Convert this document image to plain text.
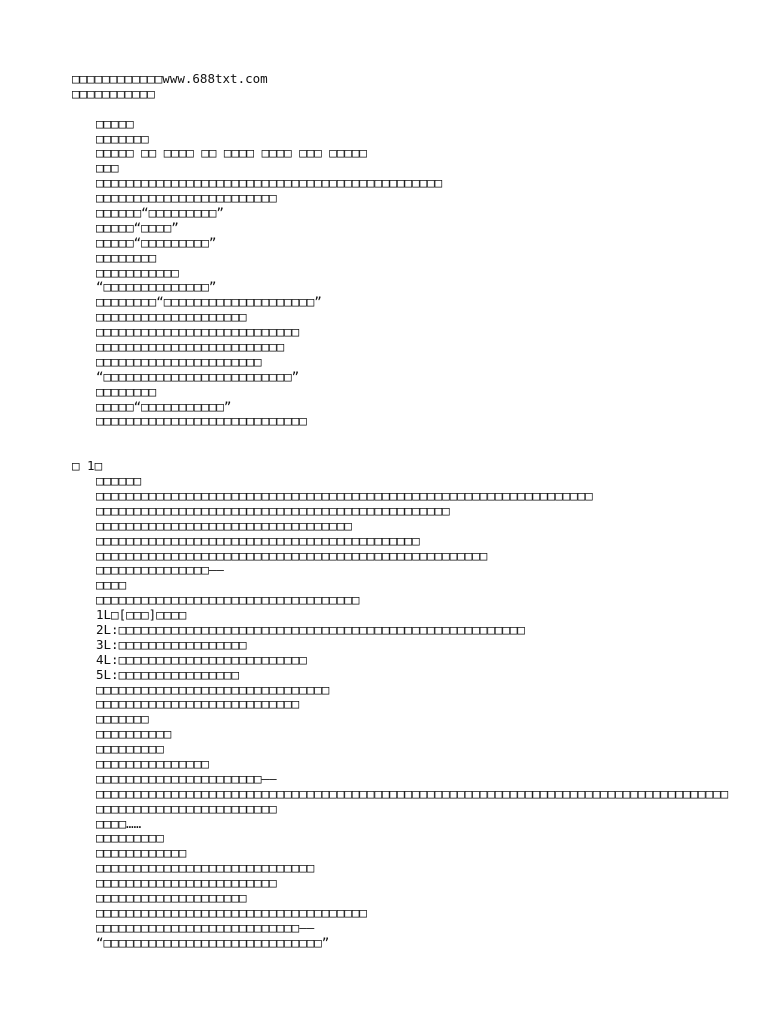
□□□□□□□□□□□□www.688txt.com
□□□□□□□□□□□
□□□□□
□□□□□□□
□□□□□ □□ □□□□ □□ □□□□ □□□□ □□□ □□□□□
□□□
□□□□□□□□□□□□□□□□□□□□□□□□□□□□□□□□□□□□□□□□□□□□□□
□□□□□□□□□□□□□□□□□□□□□□□□
□□□□□□“□□□□□□□□□”
□□□□□“□□□□”
□□□□□“□□□□□□□□□”
□□□□□□□□
□□□□□□□□□□□
“□□□□□□□□□□□□□□”
□□□□□□□□“□□□□□□□□□□□□□□□□□□□□”
□□□□□□□□□□□□□□□□□□□□
□□□□□□□□□□□□□□□□□□□□□□□□□□□
□□□□□□□□□□□□□□□□□□□□□□□□□
□□□□□□□□□□□□□□□□□□□□□□
“□□□□□□□□□□□□□□□□□□□□□□□□□”
□□□□□□□□
□□□□□“□□□□□□□□□□□”
□□□□□□□□□□□□□□□□□□□□□□□□□□□□
□ 1□
□□□□□□
□□□□□□□□□□□□□□□□□□□□□□□□□□□□□□□□□□□□□□□□□□□□□□□□□□□□□□□□□□□□□□□□□□
□□□□□□□□□□□□□□□□□□□□□□□□□□□□□□□□□□□□□□□□□□□□□□□
□□□□□□□□□□□□□□□□□□□□□□□□□□□□□□□□□□
□□□□□□□□□□□□□□□□□□□□□□□□□□□□□□□□□□□□□□□□□□□
□□□□□□□□□□□□□□□□□□□□□□□□□□□□□□□□□□□□□□□□□□□□□□□□□□□□
□□□□□□□□□□□□□□□——
□□□□
□□□□□□□□□□□□□□□□□□□□□□□□□□□□□□□□□□□
1L□[□□□]□□□□
2L:□□□□□□□□□□□□□□□□□□□□□□□□□□□□□□□□□□□□□□□□□□□□□□□□□□□□□□
3L:□□□□□□□□□□□□□□□□□
4L:□□□□□□□□□□□□□□□□□□□□□□□□□
5L:□□□□□□□□□□□□□□□□
□□□□□□□□□□□□□□□□□□□□□□□□□□□□□□□
□□□□□□□□□□□□□□□□□□□□□□□□□□□
□□□□□□□
□□□□□□□□□□
□□□□□□□□□
□□□□□□□□□□□□□□□
□□□□□□□□□□□□□□□□□□□□□□——
□□□□□□□□□□□□□□□□□□□□□□□□□□□□□□□□□□□□□□□□□□□□□□□□□□□□□□□□□□□□□□□□□□□□□□□□□□□□□□□□□□□□□□□□□□□□□□□□□□□□□□□□□□□□
□□□□……
□□□□□□□□□
□□□□□□□□□□□□
□□□□□□□□□□□□□□□□□□□□□□□□□□□□□
□□□□□□□□□□□□□□□□□□□□□□□□
□□□□□□□□□□□□□□□□□□□□
□□□□□□□□□□□□□□□□□□□□□□□□□□□□□□□□□□□□
□□□□□□□□□□□□□□□□□□□□□□□□□□□——
“□□□□□□□□□□□□□□□□□□□□□□□□□□□□□”
